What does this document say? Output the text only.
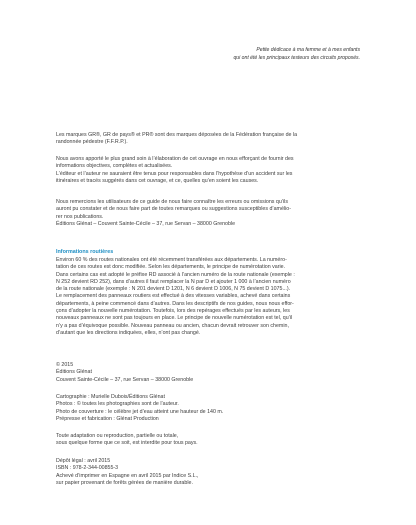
Petite dédicace à ma femme et à mes enfants
qui ont été les principaux testeurs des circuits proposés.
Les marques GR®, GR de pays® et PR® sont des marques déposées de la Fédération française de la
randonnée pédestre (F.F.R.P.).
Nous avons apporté le plus grand soin à l’élaboration de cet ouvrage en nous efforçant de fournir des
informations objectives, complètes et actualisées.
L’éditeur et l’auteur ne sauraient être tenus pour responsables dans l’hypothèse d’un accident sur les
itinéraires et tracés suggérés dans cet ouvrage, et ce, quelles qu’en soient les causes.
Nous remercions les utilisateurs de ce guide de nous faire connaître les erreurs ou omissions qu’ils
auront pu constater et de nous faire part de toutes remarques ou suggestions susceptibles d’amélio-
rer nos publications.
Éditions Glénat – Couvent Sainte-Cécile – 37, rue Servan – 38000 Grenoble
Informations routières
Environ 60 % des routes nationales ont été récemment transférées aux départements. La numéro-
tation de ces routes est donc modifiée. Selon les départements, le principe de numérotation varie.
Dans certains cas est adopté le préfixe RD associé à l’ancien numéro de la route nationale (exemple :
N 252 devient RD 252), dans d’autres il faut remplacer la N par D et ajouter 1 000 à l’ancien numéro
de la route nationale (exemple : N 201 devient D 1201, N 6 devient D 1006, N 75 devient D 1075...).
Le remplacement des panneaux routiers est effectué à des vitesses variables, achevé dans certains
départements, à peine commencé dans d’autres. Dans les descriptifs de nos guides, nous nous effor-
çons d’adopter la nouvelle numérotation. Toutefois, lors des repérages effectués par les auteurs, les
nouveaux panneaux ne sont pas toujours en place. Le principe de nouvelle numérotation est tel, qu’il
n’y a pas d’équivoque possible. Nouveau panneau ou ancien, chacun devrait retrouver son chemin,
d’autant que les directions indiquées, elles, n’ont pas changé.
© 2015
Éditions Glénat
Couvent Sainte-Cécile – 37, rue Servan – 38000 Grenoble
Cartographie : Murielle Dubois/Éditions Glénat
Photos : © toutes les photographies sont de l’auteur.
Photo de couverture : le célèbre jet d’eau atteint une hauteur de 140 m.
Prépresse et fabrication : Glénat Production
Toute adaptation ou reproduction, partielle ou totale,
sous quelque forme que ce soit, est interdite pour tous pays.
Dépôt légal : avril 2015
ISBN : 978-2-344-00855-3
Achevé d’imprimer en Espagne en avril 2015 par Indice S.L.,
sur papier provenant de forêts gérées de manière durable.
